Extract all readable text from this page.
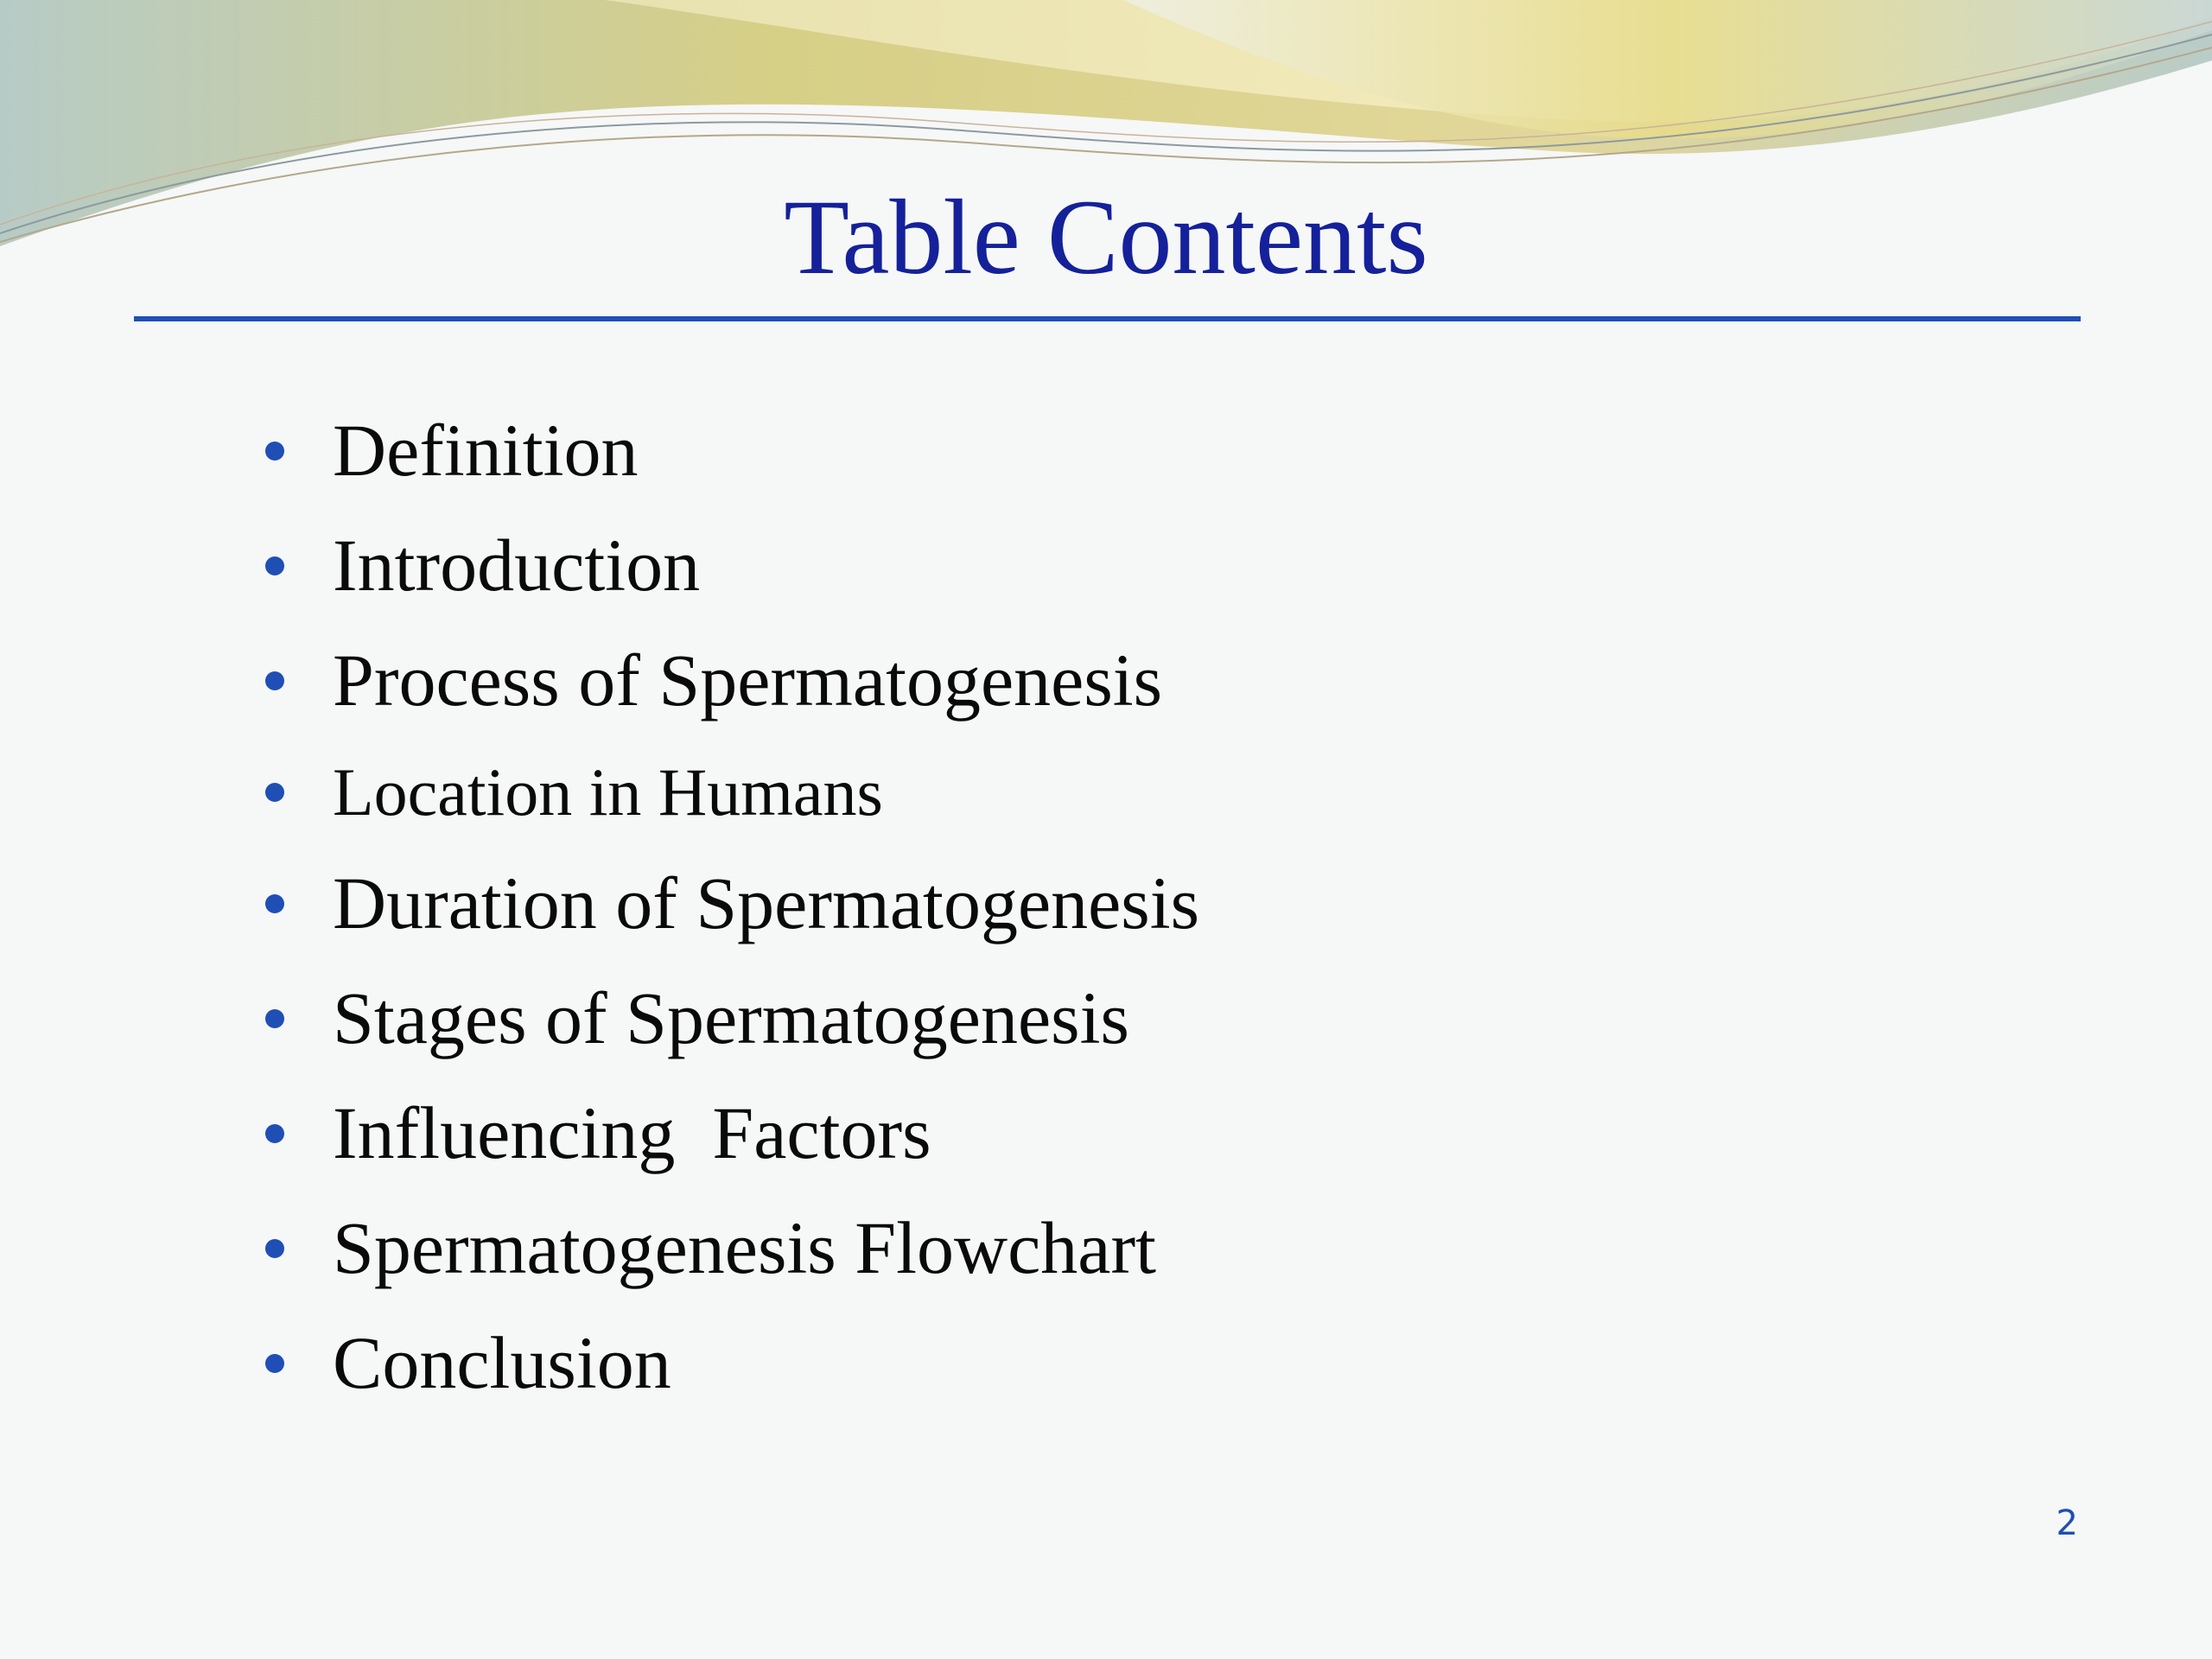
Table Contents
Definition
Introduction
Process of Spermatogenesis
Location in Humans
Duration of Spermatogenesis
Stages of Spermatogenesis
Influencing  Factors
Spermatogenesis Flowchart
Conclusion
2
